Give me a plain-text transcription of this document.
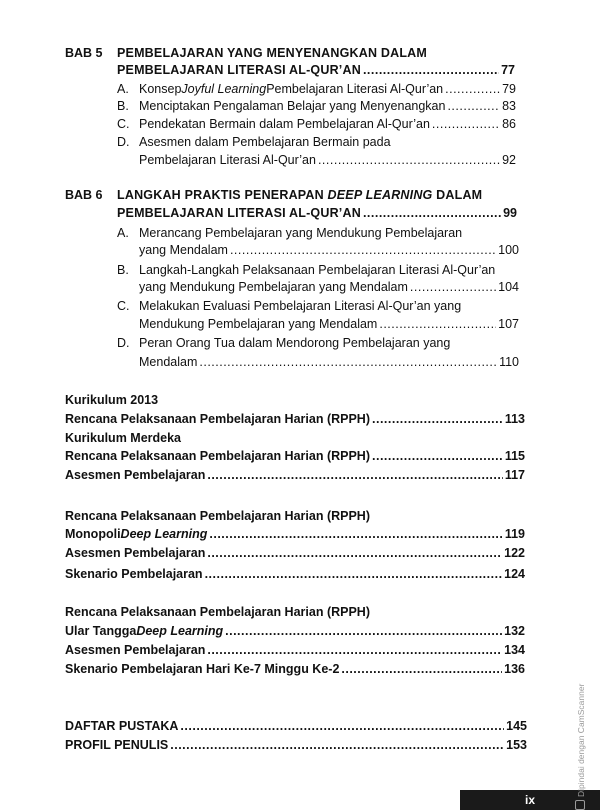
BAB 5 PEMBELAJARAN YANG MENYENANGKAN DALAM
PEMBELAJARAN LITERASI AL-QUR’AN .....	77
A. Konsep Joyful Learning Pembelajaran Literasi Al-Qur’an .....	79
B. Menciptakan Pengalaman Belajar yang Menyenangkan .....	83
C. Pendekatan Bermain dalam Pembelajaran Al-Qur’an .....	86
D. Asesmen dalam Pembelajaran Bermain pada
Pembelajaran Literasi Al-Qur’an .....	92
BAB 6 LANGKAH PRAKTIS PENERAPAN DEEP LEARNING DALAM
PEMBELAJARAN LITERASI AL-QUR’AN .....	99
A. Merancang Pembelajaran yang Mendukung Pembelajaran
yang Mendalam .....	100
B. Langkah-Langkah Pelaksanaan Pembelajaran Literasi Al-Qur’an
yang Mendukung Pembelajaran yang Mendalam .....	104
C. Melakukan Evaluasi Pembelajaran Literasi Al-Qur’an yang
Mendukung Pembelajaran yang Mendalam .....	107
D. Peran Orang Tua dalam Mendorong Pembelajaran yang
Mendalam .....	110
Kurikulum 2013
Rencana Pelaksanaan Pembelajaran Harian (RPPH) .....	113
Kurikulum Merdeka
Rencana Pelaksanaan Pembelajaran Harian (RPPH) .....	115
Asesmen Pembelajaran .....	117
Rencana Pelaksanaan Pembelajaran Harian (RPPH)
Monopoli Deep Learning .....	119
Asesmen Pembelajaran .....	122
Skenario Pembelajaran .....	124
Rencana Pelaksanaan Pembelajaran Harian (RPPH)
Ular Tangga Deep Learning .....	132
Asesmen Pembelajaran .....	134
Skenario Pembelajaran Hari Ke-7 Minggu Ke-2 .....	136
DAFTAR PUSTAKA .....	145
PROFIL PENULIS .....	153
ix
Dipindai dengan CamScanner
